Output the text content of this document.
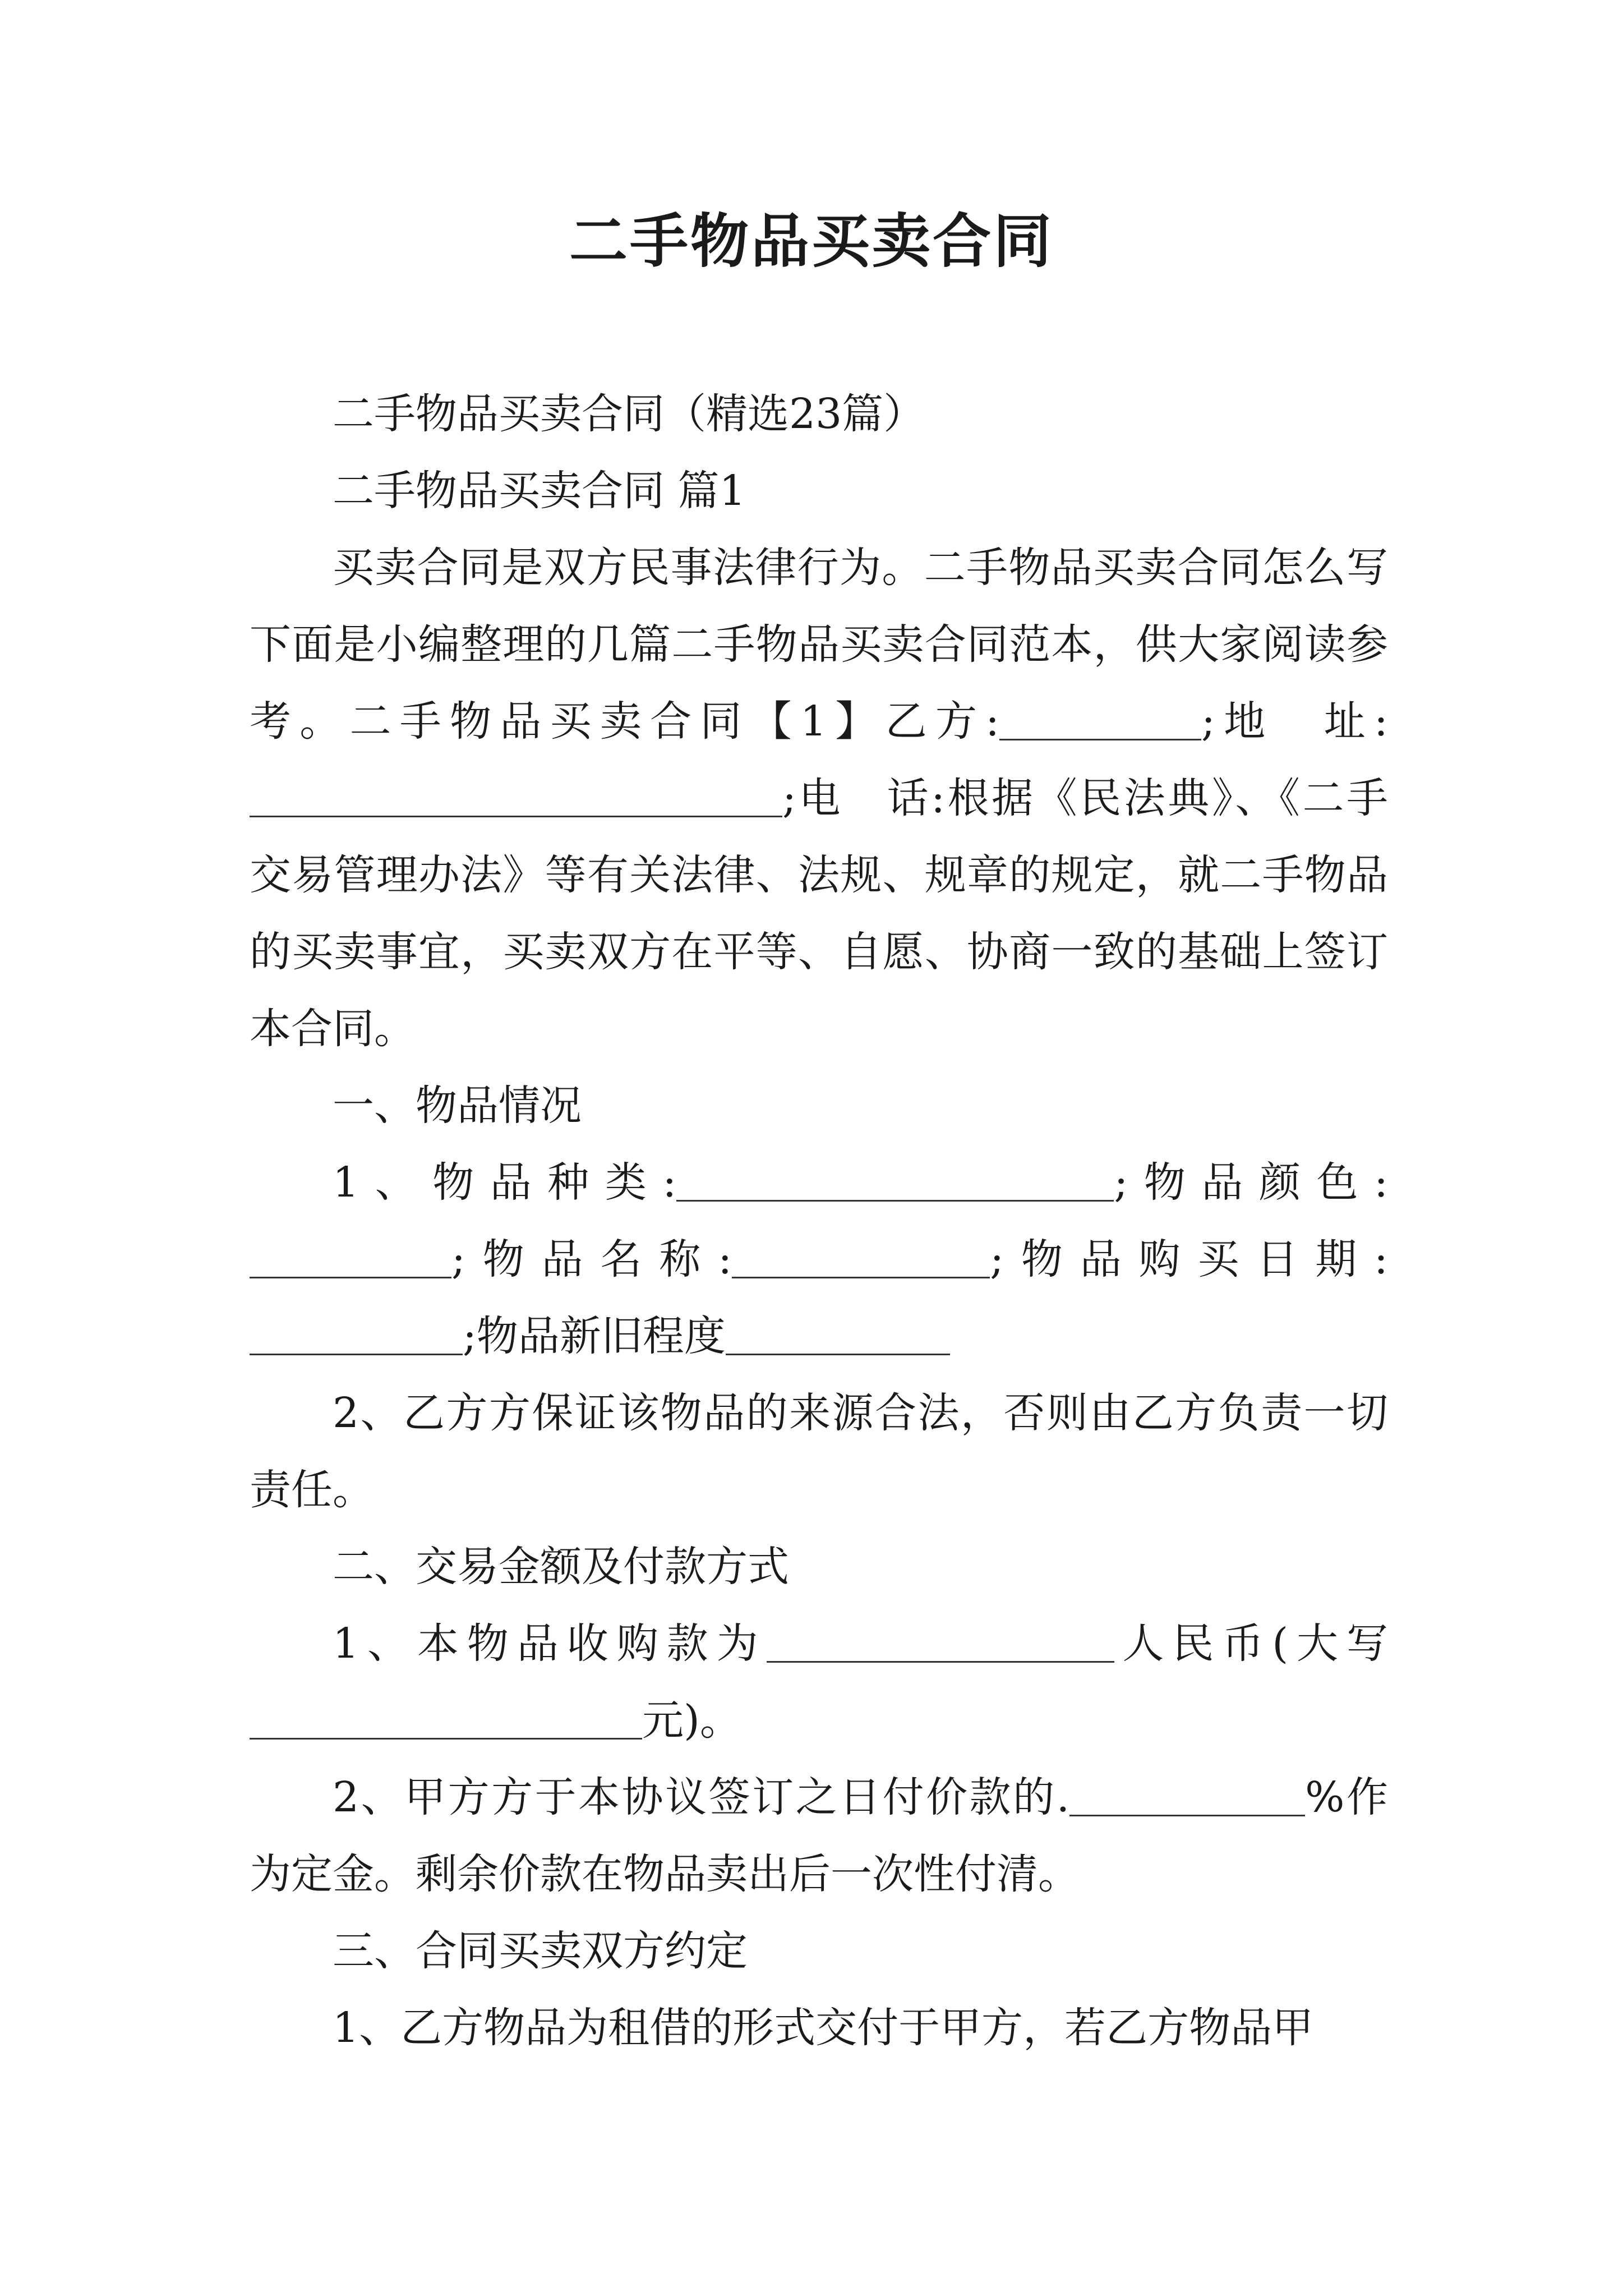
二手物品买卖合同

二手物品买卖合同（精选23篇）

二手物品买卖合同 篇1

买卖合同是双方民事法律行为。二手物品买卖合同怎么写下面是小编整理的几篇二手物品买卖合同范本，供大家阅读参考。二手物品买卖合同【1】乙方:	;地　址:;电　话:根据《民法典》、《二手交易管理办法》等有关法律、法规、规章的规定，就二手物品的买卖事宜，买卖双方在平等、自愿、协商一致的基础上签订本合同。

一、物品情况

1、物品种类:	;物品颜色:;物品名称:	;物品购买日期:;物品新旧程度

2、乙方方保证该物品的来源合法，否则由乙方负责一切责任。

二、交易金额及付款方式

1、本物品收购款为	人民币(大写元)。

2、甲方方于本协议签订之日付价款的.	%作为定金。剩余价款在物品卖出后一次性付清。

三、合同买卖双方约定

1、乙方物品为租借的形式交付于甲方，若乙方物品甲
